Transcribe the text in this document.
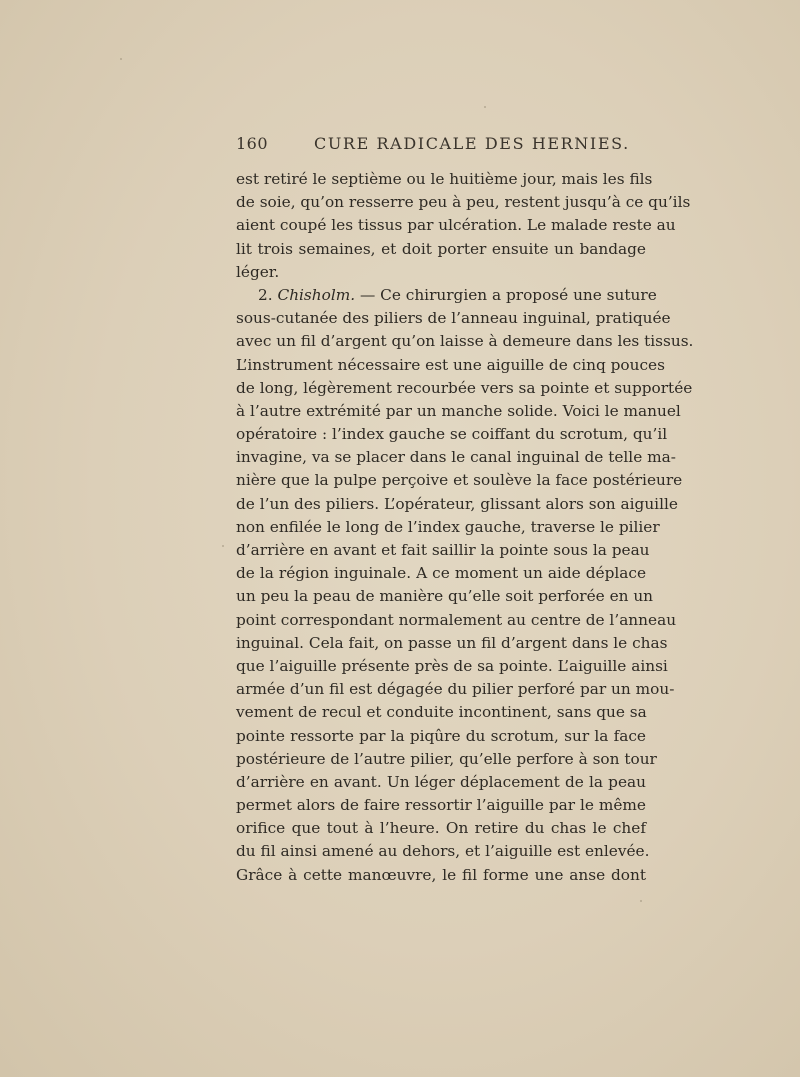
160	CURE RADICALE DES HERNIES.
est retiré le septième ou le huitième jour, mais les fils
de soie, qu’on resserre peu à peu, restent jusqu’à ce qu’ils
aient coupé les tissus par ulcération. Le malade reste au
lit trois semaines, et doit porter ensuite un bandage
léger.
2. Chisholm. — Ce chirurgien a proposé une suture
sous-cutanée des piliers de l’anneau inguinal, pratiquée
avec un fil d’argent qu’on laisse à demeure dans les tissus.
L’instrument nécessaire est une aiguille de cinq pouces
de long, légèrement recourbée vers sa pointe et supportée
à l’autre extrémité par un manche solide. Voici le manuel
opératoire : l’index gauche se coiffant du scrotum, qu’il
invagine, va se placer dans le canal inguinal de telle ma-
nière que la pulpe perçoive et soulève la face postérieure
de l’un des piliers. L’opérateur, glissant alors son aiguille
non enfilée le long de l’index gauche, traverse le pilier
d’arrière en avant et fait saillir la pointe sous la peau
de la région inguinale. A ce moment un aide déplace
un peu la peau de manière qu’elle soit perforée en un
point correspondant normalement au centre de l’anneau
inguinal. Cela fait, on passe un fil d’argent dans le chas
que l’aiguille présente près de sa pointe. L’aiguille ainsi
armée d’un fil est dégagée du pilier perforé par un mou-
vement de recul et conduite incontinent, sans que sa
pointe ressorte par la piqûre du scrotum, sur la face
postérieure de l’autre pilier, qu’elle perfore à son tour
d’arrière en avant. Un léger déplacement de la peau
permet alors de faire ressortir l’aiguille par le même
orifice que tout à l’heure. On retire du chas le chef
du fil ainsi amené au dehors, et l’aiguille est enlevée.
Grâce à cette manœuvre, le fil forme une anse dont
